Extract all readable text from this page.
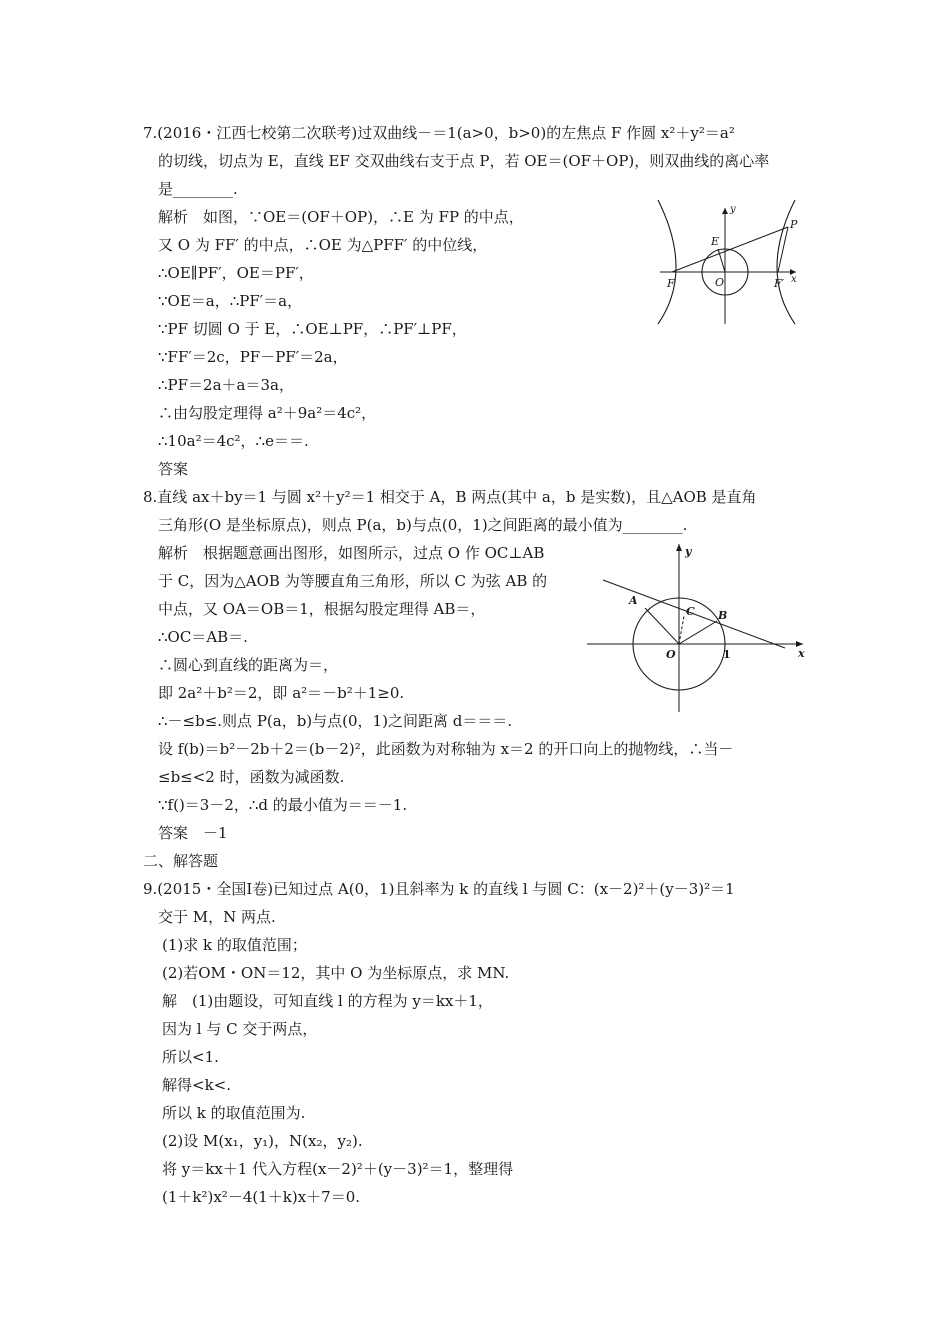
7.(2016・江西七校第二次联考)过双曲线－＝1(a>0，b>0)的左焦点 F 作圆 x²＋y²＝a²
的切线，切点为 E，直线 EF 交双曲线右支于点 P，若 OE＝(OF＋OP)，则双曲线的离心率
是________.
解析　如图，∵OE＝(OF＋OP)，∴E 为 FP 的中点，
又 O 为 FF′ 的中点，∴OE 为△PFF′ 的中位线，
∴OE∥PF′，OE＝PF′，
∵OE＝a，∴PF′＝a，
∵PF 切圆 O 于 E，∴OE⊥PF，∴PF′⊥PF，
∵FF′＝2c，PF－PF′＝2a，
∴PF＝2a＋a＝3a，
∴由勾股定理得 a²＋9a²＝4c²，
∴10a²＝4c²，∴e＝＝.
答案
y
x
E
P
F	O	F′
8.直线 ax＋by＝1 与圆 x²＋y²＝1 相交于 A，B 两点(其中 a，b 是实数)，且△AOB 是直角
三角形(O 是坐标原点)，则点 P(a，b)与点(0，1)之间距离的最小值为________.
解析　根据题意画出图形，如图所示，过点 O 作 OC⊥AB
于 C，因为△AOB 为等腰直角三角形，所以 C 为弦 AB 的
中点，又 OA＝OB＝1，根据勾股定理得 AB＝，
∴OC＝AB＝.
∴圆心到直线的距离为＝，
即 2a²＋b²＝2，即 a²＝－b²＋1≥0.
∴－≤b≤.则点 P(a，b)与点(0，1)之间距离 d＝＝＝.
设 f(b)＝b²－2b＋2＝(b－2)²，此函数为对称轴为 x＝2 的开口向上的抛物线，∴当－
≤b≤<2 时，函数为减函数.
∵f()＝3－2，∴d 的最小值为＝＝－1.
答案　－1
y
x
A
C B
O	1
二、解答题
9.(2015・全国Ⅰ卷)已知过点 A(0，1)且斜率为 k 的直线 l 与圆 C：(x－2)²＋(y－3)²＝1
交于 M，N 两点.
(1)求 k 的取值范围；
(2)若OM・ON＝12，其中 O 为坐标原点，求 MN.
解　(1)由题设，可知直线 l 的方程为 y＝kx＋1，
因为 l 与 C 交于两点，
所以<1.
解得<k<.
所以 k 的取值范围为.
(2)设 M(x₁，y₁)，N(x₂，y₂).
将 y＝kx＋1 代入方程(x－2)²＋(y－3)²＝1，整理得
(1＋k²)x²－4(1＋k)x＋7＝0.
